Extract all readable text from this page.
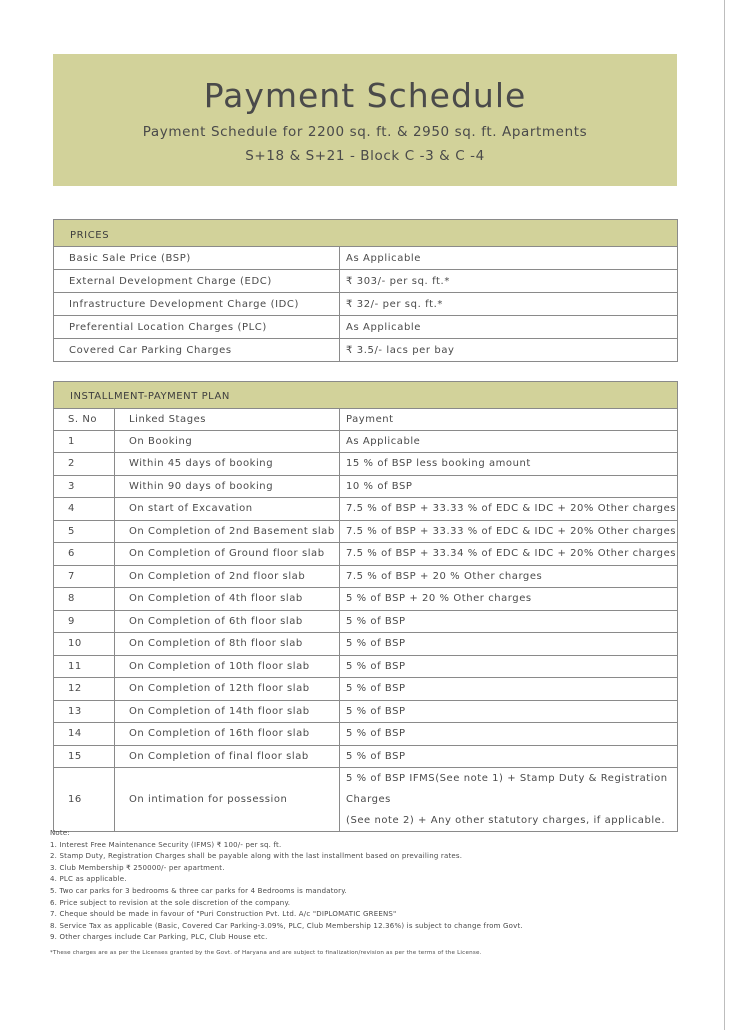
Payment Schedule
Payment Schedule for 2200 sq. ft. & 2950 sq. ft. Apartments
S+18 & S+21 - Block C -3 & C -4
PRICES	
Basic Sale Price (BSP)	As Applicable
External Development Charge (EDC)	₹ 303/- per sq. ft.*
Infrastructure Development Charge (IDC)	₹ 32/- per sq. ft.*
Preferential Location Charges (PLC)	As Applicable
Covered Car Parking Charges	₹ 3.5/- lacs per bay
INSTALLMENT-PAYMENT PLAN		
S. No	Linked Stages	Payment
1	On Booking	As Applicable
2	Within 45 days of booking	15 % of BSP less booking amount
3	Within 90 days of booking	10 % of BSP
4	On start of Excavation	7.5 % of BSP + 33.33 % of EDC & IDC + 20% Other charges
5	On Completion of 2nd Basement slab	7.5 % of BSP + 33.33 % of EDC & IDC + 20% Other charges
6	On Completion of Ground floor slab	7.5 % of BSP + 33.34 % of EDC & IDC + 20% Other charges
7	On Completion of 2nd floor slab	7.5 % of BSP + 20 % Other charges
8	On Completion of 4th floor slab	5 % of BSP + 20 % Other charges
9	On Completion of 6th floor slab	5 % of BSP
10	On Completion of 8th floor slab	5 % of BSP
11	On Completion of 10th floor slab	5 % of BSP
12	On Completion of 12th floor slab	5 % of BSP
13	On Completion of 14th floor slab	5 % of BSP
14	On Completion of 16th floor slab	5 % of BSP
15	On Completion of final floor slab	5 % of BSP
16	On intimation for possession	5 % of BSP IFMS(See note 1) + Stamp Duty & Registration Charges
(See note 2) + Any other statutory charges, if applicable.
Note:
1. Interest Free Maintenance Security (IFMS) ₹ 100/- per sq. ft.
2. Stamp Duty, Registration Charges shall be payable along with the last installment based on prevailing rates.
3. Club Membership ₹ 250000/- per apartment.
4. PLC as applicable.
5. Two car parks for 3 bedrooms & three car parks for 4 Bedrooms is mandatory.
6. Price subject to revision at the sole discretion of the company.
7. Cheque should be made in favour of "Puri Construction Pvt. Ltd. A/c "DIPLOMATIC GREENS"
8. Service Tax as applicable (Basic, Covered Car Parking-3.09%, PLC, Club Membership 12.36%) is subject to change from Govt.
9. Other charges include Car Parking, PLC, Club House etc.
*These charges are as per the Licenses granted by the Govt. of Haryana and are subject to finalization/revision as per the terms of the License.
